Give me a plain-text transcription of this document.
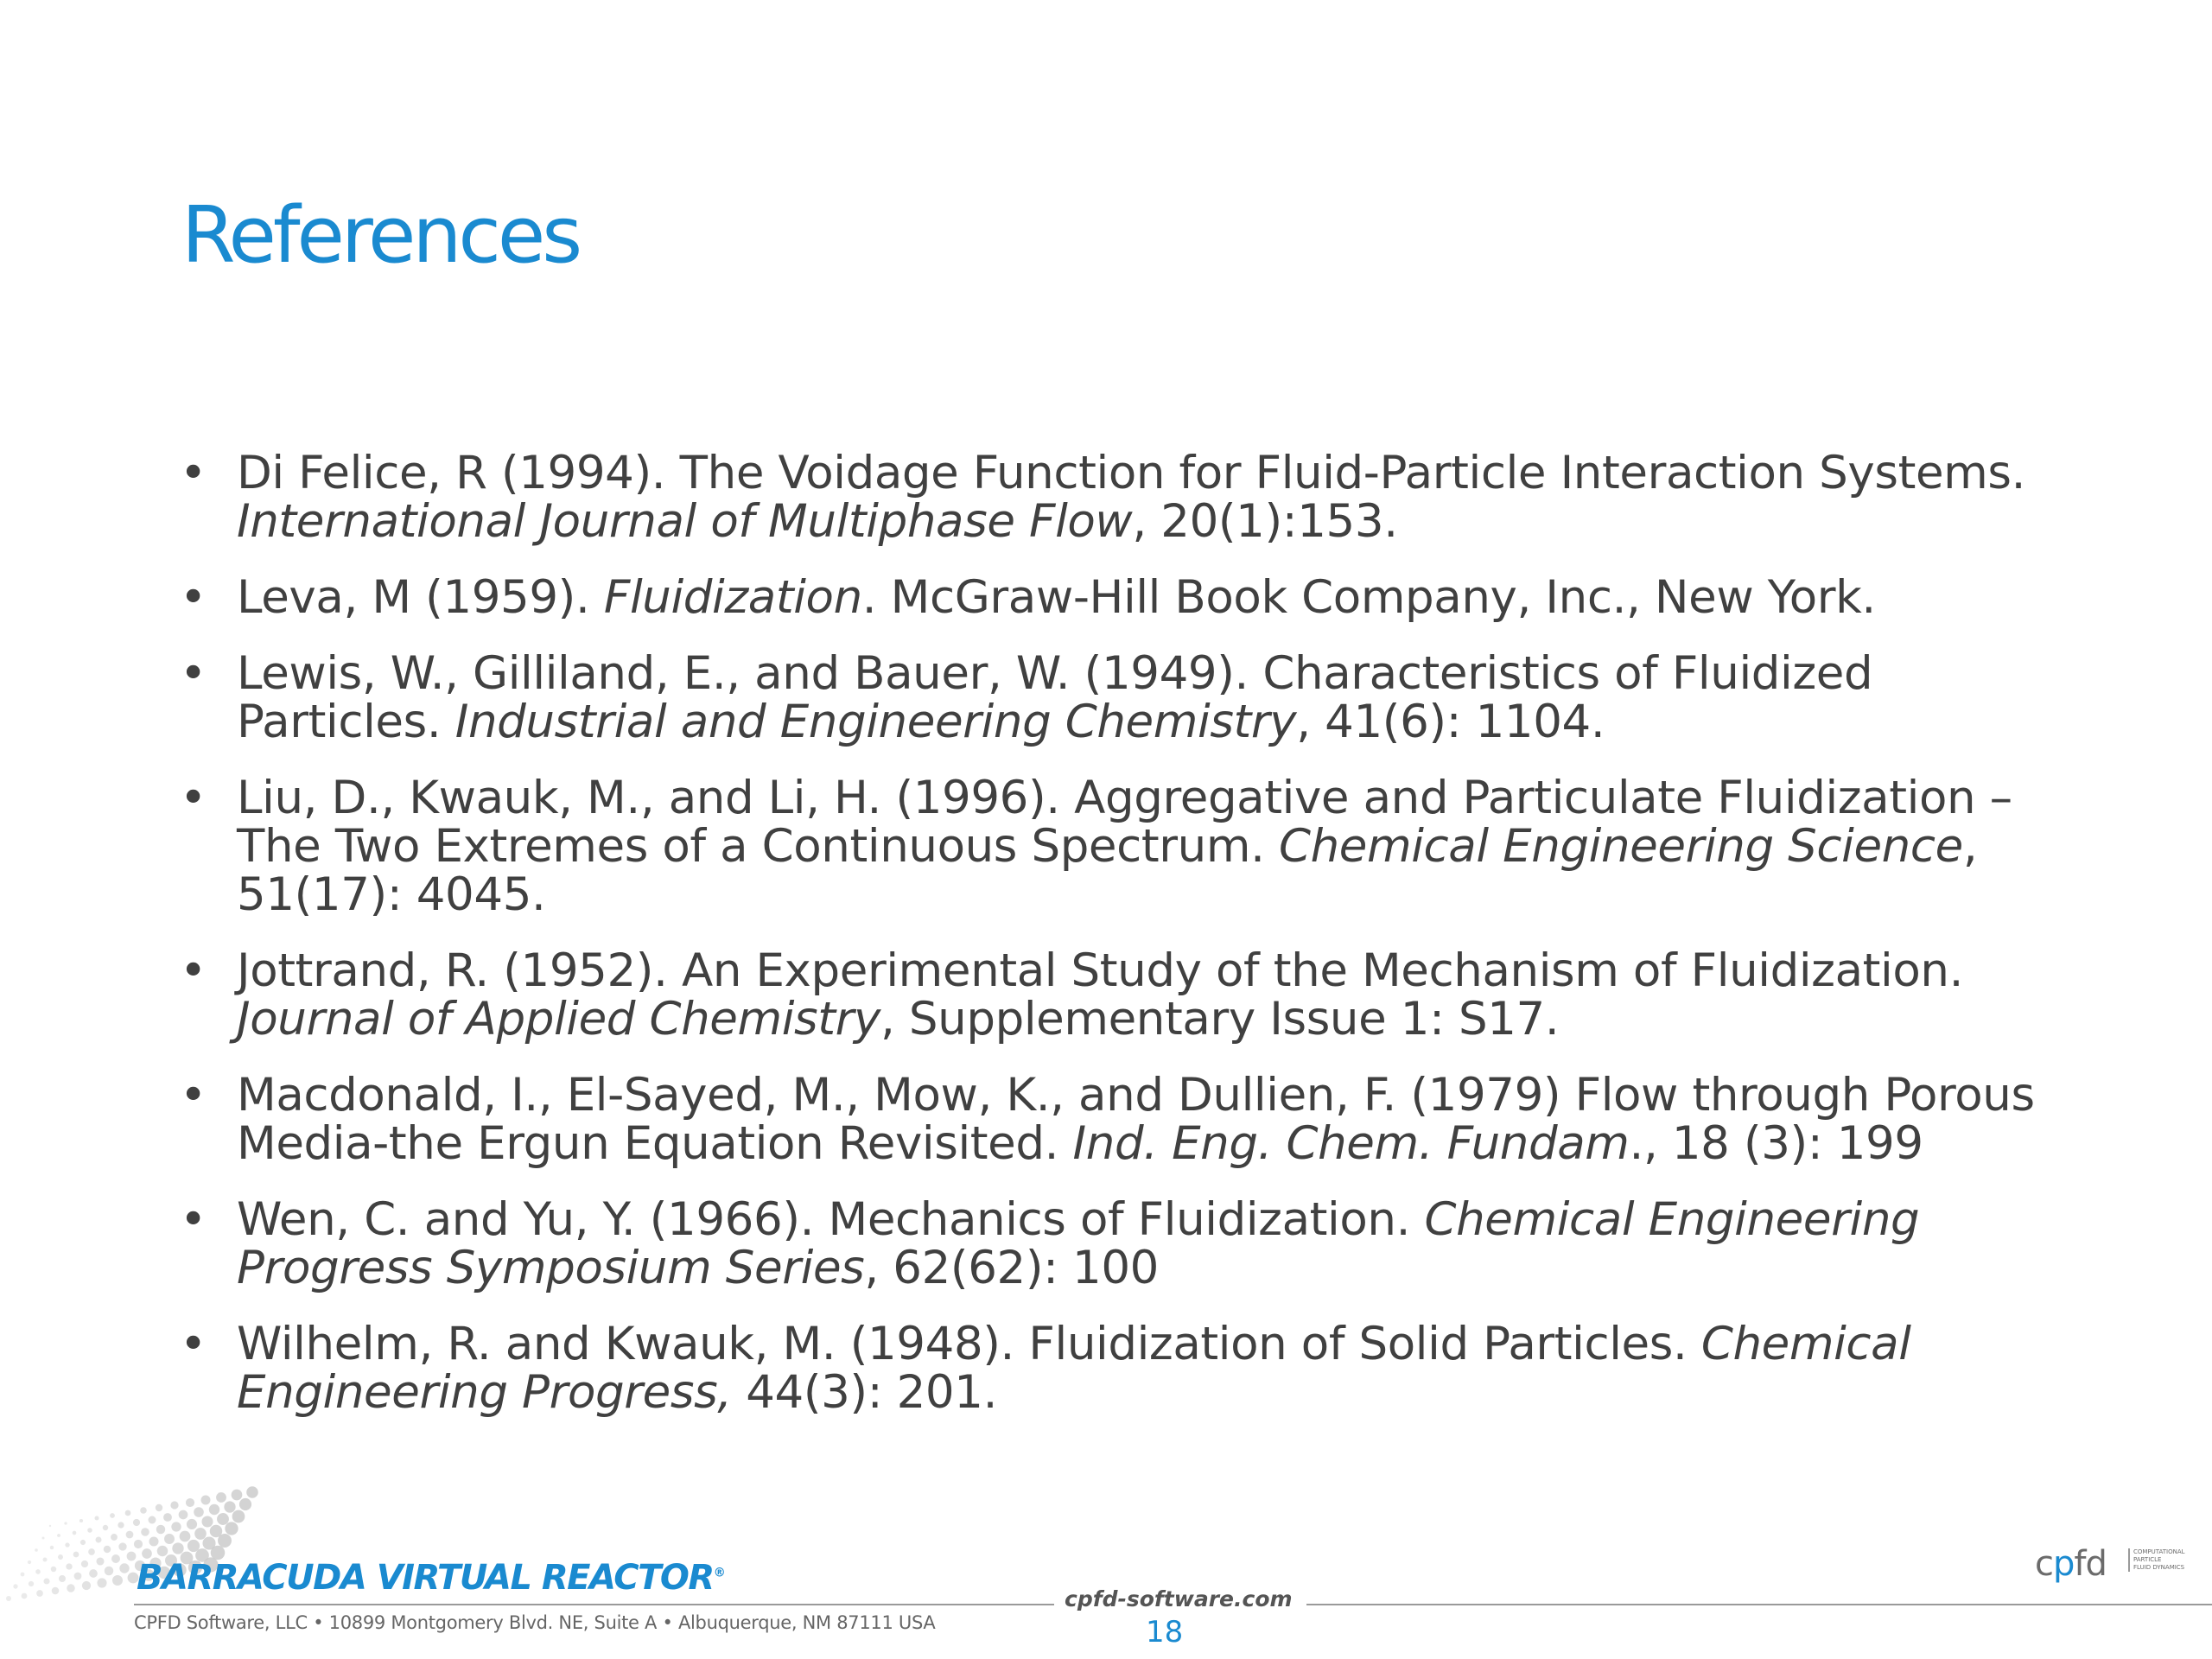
References
• Di Felice, R (1994). The Voidage Function for Fluid-Particle Interaction Systems. International Journal of Multiphase Flow, 20(1):153.
• Leva, M (1959). Fluidization. McGraw-Hill Book Company, Inc., New York.
• Lewis, W., Gilliland, E., and Bauer, W. (1949). Characteristics of Fluidized Particles. Industrial and Engineering Chemistry, 41(6): 1104.
• Liu, D., Kwauk, M., and Li, H. (1996). Aggregative and Particulate Fluidization – The Two Extremes of a Continuous Spectrum. Chemical Engineering Science, 51(17): 4045.
• Jottrand, R. (1952). An Experimental Study of the Mechanism of Fluidization. Journal of Applied Chemistry, Supplementary Issue 1: S17.
• Macdonald, I., El-Sayed, M., Mow, K., and Dullien, F. (1979) Flow through Porous Media-the Ergun Equation Revisited. Ind. Eng. Chem. Fundam., 18 (3): 199
• Wen, C. and Yu, Y. (1966). Mechanics of Fluidization. Chemical Engineering Progress Symposium Series, 62(62): 100
• Wilhelm, R. and Kwauk, M. (1948). Fluidization of Solid Particles. Chemical Engineering Progress, 44(3): 201.
BARRACUDA VIRTUAL REACTOR®
cpfd-software.com
CPFD Software, LLC • 10899 Montgomery Blvd. NE, Suite A • Albuquerque, NM 87111 USA	18
cpfd	COMPUTATIONAL
PARTICLE
FLUID DYNAMICS
